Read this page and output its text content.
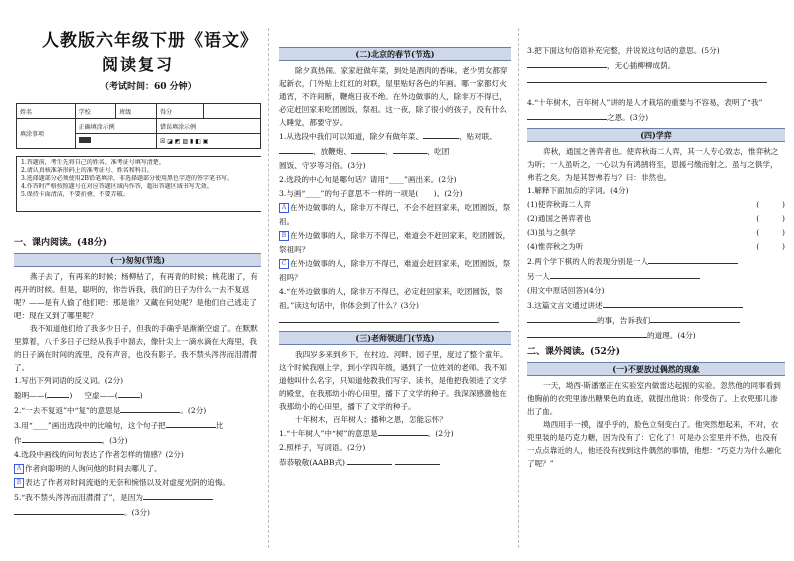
人教版六年级下册《语文》
阅读复习
（考试时间：60 分钟）
姓名	学校	班级	得分	
填涂事项	正确填涂示例		错误填涂示例	
			☒ ◪ ◩ ▨ ▮ ◧ ▣	
1.答题前，考生先将自己的姓名、准考证号填写清楚。
2.请认真核准条形码上的准考证号、姓名和科目。
3.选择题部分必须使用2B铅笔填涂，非选择题部分使用黑色字迹的签字笔书写。
4.作答时严格按照题号在对应答题区域内作答，超出答题区域书写无效。
5.保持卡面清洁，不要折叠、不要弄破。
一、课内阅读。(48分)
(一)匆匆(节选)

燕子去了，有再来的时候；杨柳枯了，有再青的时候；桃花谢了，有再开的时候。但是，聪明的，你告诉我，我们的日子为什么一去不复返呢？——是有人偷了他们吧：那是谁？又藏在何处呢？是他们自己逃走了吧：现在又到了哪里呢？

我不知道他们给了我多少日子，但我的手确乎是渐渐空虚了。在默默里算着，八千多日子已经从我手中溜去，像针尖上一滴水滴在大海里，我的日子滴在时间的流里，没有声音，也没有影子。我不禁头涔涔而泪潸潸了。

1.写出下列词语的反义词。(2分)
聪明——(	) 空虚——(	)
2.“一去不复返”中“复”的意思是	。(2分)
3.用“____”画出选段中的比喻句，这个句子把	比
作	。(3分)
4.选段中画线的问句表达了作者怎样的情感？(2分)
A 作者向聪明的人询问他的时间去哪儿了。
B 表达了作者对时间流逝的无奈和惋惜以及对虚度光阴的追悔。
5.“我不禁头涔涔而泪潸潸了”，是因为
。(3分)
(二)北京的春节(节选)

除夕真热闹。家家赶做年菜，到处是酒肉的香味。老少男女都穿起新衣，门外贴上红红的对联，屋里贴好各色的年画。哪一家都灯火通宵，不许间断，鞭炮日夜不绝。在外边做事的人，除非万不得已，必定赶回家来吃团圆饭，祭祖。这一夜，除了很小的孩子，没有什么人睡觉，都要守岁。

1.从选段中我们可以知道，除夕有做年菜、	、贴对联、
、放鞭炮、	、	、吃团
圆饭、守岁等习俗。(3分)
2.选段的中心句是哪句话？请用“____”画出来。(2分)
3.与画“____”的句子意思不一样的一项是(　　)。(2分)
A 在外边做事的人，除非万不得已，不会不赶回家来，吃团圆饭，祭祖。
B 在外边做事的人，除非万不得已，难道会不赶回家来，吃团圆饭，祭祖吗？
C 在外边做事的人，除非万不得已，难道会赶回家来，吃团圆饭，祭祖吗？
4.“在外边做事的人，除非万不得已，必定赶回家来，吃团圆饭，祭祖。”读这句话中，你体会到了什么？(3分)
(三)老师领进门(节选)

我四岁多来到乡下，在村边、河畔、园子里，度过了整个童年。这个时候我刚上学，到小学四年级，遇到了一位姓刘的老师。我不知道他叫什么名字，只知道他教我们写字、读书，是他把我领进了文学的殿堂，在我那幼小的心田里，播下了文学的种子。我深深感激他在我那幼小的心田里，播下了文学的种子。

十年树木，百年树人；播种之恩，怎能忘怀？

1.“十年树人”中“树”的意思是	。(2分)
2.照样子，写词语。(2分)
恭恭敬敬(AABB式)
3.把下面这句俗语补充完整，并说说这句话的意思。(5分)
，无心插柳柳成荫。
4.“十年树木，百年树人”讲的是人才栽培的重要与不容易，表明了“我”之恩。(3分)
(四)学弈

弈秋，通国之善弈者也。使弈秋诲二人弈，其一人专心致志，惟弈秋之为听；一人虽听之，一心以为有鸿鹄将至，思援弓缴而射之。虽与之俱学，弗若之矣。为是其智弗若与？曰：非然也。

1.解释下面加点的字词。(4分)
(1)使弈秋诲二人弈	(　　　)
(2)通国之善弈者也	(　　　)
(3)虽与之俱学	(　　　)
(4)惟弈秋之为听	(　　　)
2.两个学下棋的人的表现分别是一人
另一人
(用文中原话回答)(4分)
3.这篇文言文通过讲述
的事，告诉我们
的道理。(4分)
二、课外阅读。(52分)
(一)不要放过偶然的现象

一天，坳西·斯潘塞正在实验室内做雷达起振的实验。忽然他的同事看到他胸前的衣兜里渗出糖果色的血迹，就提出他说：你受伤了。上衣兜那儿渗出了血。

坳西用手一摸，湿乎乎的，脸色立刻变白了。他突然想起来，不对，衣兜里装的是巧克力糖，因为没有了：它化了！可是办公室里并不热，也没有一点点靠近的人，他还没有找到这件偶然的事情，他想：“巧克力为什么融化了呢？”
